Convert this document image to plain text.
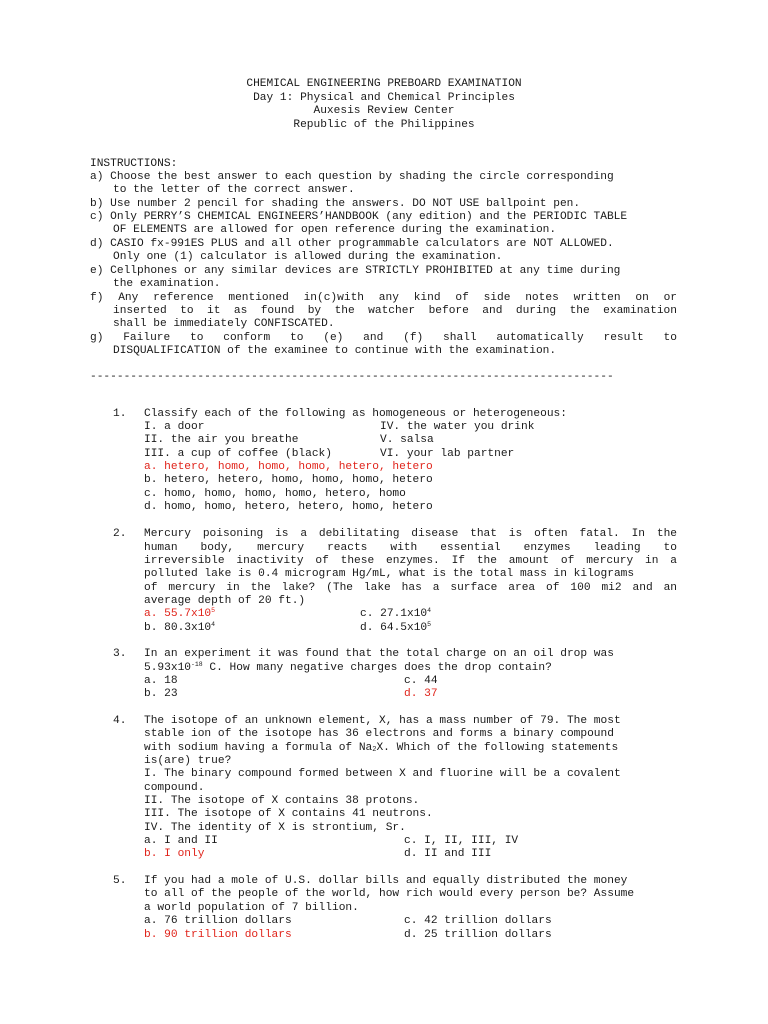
CHEMICAL ENGINEERING PREBOARD EXAMINATION
Day 1: Physical and Chemical Principles
Auxesis Review Center
Republic of the Philippines
INSTRUCTIONS:
a) Choose the best answer to each question by shading the circle corresponding
to the letter of the correct answer.
b) Use number 2 pencil for shading the answers. DO NOT USE ballpoint pen.
c) Only PERRY’S CHEMICAL ENGINEERS’HANDBOOK (any edition) and the PERIODIC TABLE
OF ELEMENTS are allowed for open reference during the examination.
d) CASIO fx-991ES PLUS and all other programmable calculators are NOT ALLOWED.
Only one (1) calculator is allowed during the examination.
e) Cellphones or any similar devices are STRICTLY PROHIBITED at any time during
the examination.
f) Any reference mentioned in(c)with any kind of side notes written on or
inserted to it as found by the watcher before and during the examination
shall be immediately CONFISCATED.
g) Failure to conform to (e) and (f) shall automatically result to
DISQUALIFICATION of the examinee to continue with the examination.
------------------------------------------------------------------------------
1. Classify each of the following as homogeneous or heterogeneous:
I. a door	IV. the water you drink
II. the air you breathe	V. salsa
III. a cup of coffee (black)	VI. your lab partner
a. hetero, homo, homo, homo, hetero, hetero
b. hetero, hetero, homo, homo, homo, hetero
c. homo, homo, homo, homo, hetero, homo
d. homo, homo, hetero, hetero, homo, hetero
2. Mercury poisoning is a debilitating disease that is often fatal. In the
human body, mercury reacts with essential enzymes leading to
irreversible inactivity of these enzymes. If the amount of mercury in a
polluted lake is 0.4 microgram Hg/mL, what is the total mass in kilograms
of mercury in the lake? (The lake has a surface area of 100 mi2 and an
average depth of 20 ft.)
a. $55.7x10^5$	c. $27.1x10^4$
b. $80.3x10^4$	d. $64.5x10^5$
3. In an experiment it was found that the total charge on an oil drop was
$5.93x10^{-18}$ C. How many negative charges does the drop contain?
a. 18	c. 44
b. 23	d. 37
4. The isotope of an unknown element, X, has a mass number of 79. The most
stable ion of the isotope has 36 electrons and forms a binary compound
with sodium having a formula of $Na_2X$. Which of the following statements
is(are) true?
I. The binary compound formed between X and fluorine will be a covalent
compound.
II. The isotope of X contains 38 protons.
III. The isotope of X contains 41 neutrons.
IV. The identity of X is strontium, Sr.
a. I and II	c. I, II, III, IV
b. I only	d. II and III
5. If you had a mole of U.S. dollar bills and equally distributed the money
to all of the people of the world, how rich would every person be? Assume
a world population of 7 billion.
a. 76 trillion dollars	c. 42 trillion dollars
b. 90 trillion dollars	d. 25 trillion dollars
